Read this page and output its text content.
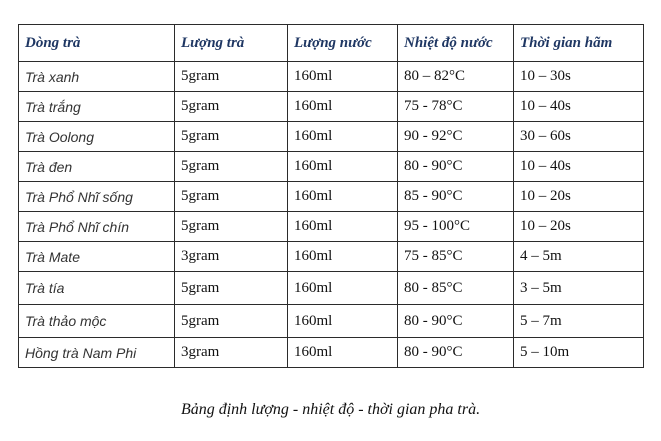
Dòng trà	Lượng trà	Lượng nước	Nhiệt độ nước	Thời gian hãm
Trà xanh	5gram	160ml	80 – 82°C	10 – 30s
Trà trắng	5gram	160ml	75 - 78°C	10 – 40s
Trà Oolong	5gram	160ml	90 - 92°C	30 – 60s
Trà đen	5gram	160ml	80 - 90°C	10 – 40s
Trà Phổ Nhĩ sống	5gram	160ml	85 - 90°C	10 – 20s
Trà Phổ Nhĩ chín	5gram	160ml	95 - 100°C	10 – 20s
Trà Mate	3gram	160ml	75 - 85°C	4 – 5m
Trà tía	5gram	160ml	80 - 85°C	3 – 5m
Trà thảo mộc	5gram	160ml	80 - 90°C	5 – 7m
Hồng trà Nam Phi	3gram	160ml	80 - 90°C	5 – 10m
Bảng định lượng - nhiệt độ - thời gian pha trà.
